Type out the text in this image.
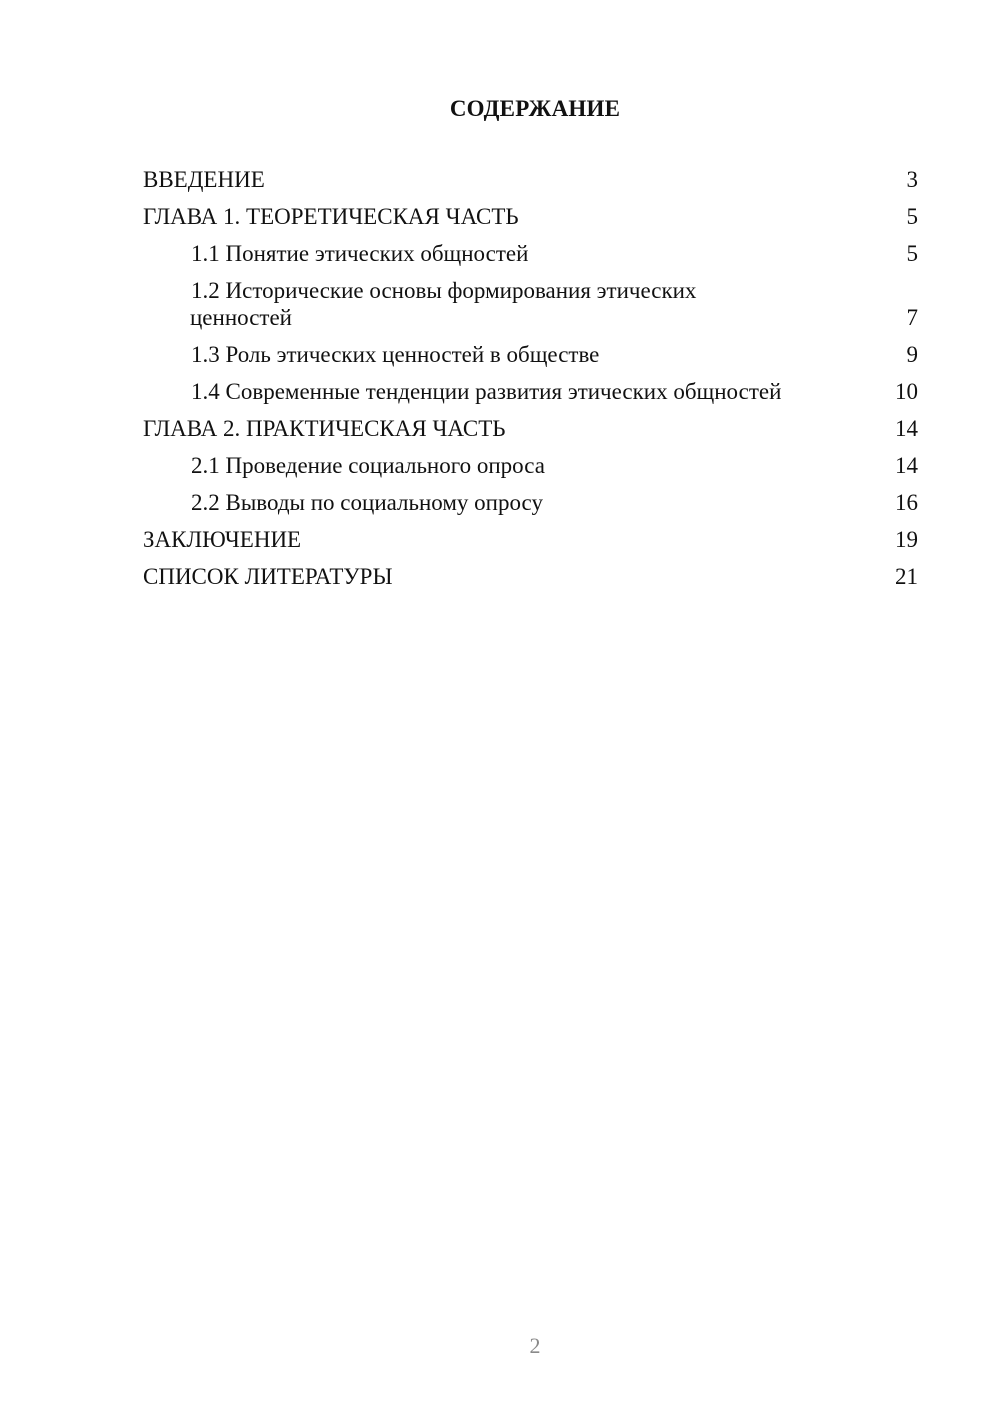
СОДЕРЖАНИЕ
ВВЕДЕНИЕ	3
ГЛАВА 1. ТЕОРЕТИЧЕСКАЯ ЧАСТЬ	5
1.1 Понятие этических общностей	5
1.2 Исторические основы формирования этических
ценностей	7
1.3 Роль этических ценностей в обществе	9
1.4 Современные тенденции развития этических общностей	10
ГЛАВА 2. ПРАКТИЧЕСКАЯ ЧАСТЬ	14
2.1 Проведение социального опроса	14
2.2 Выводы по социальному опросу	16
ЗАКЛЮЧЕНИЕ	19
СПИСОК ЛИТЕРАТУРЫ	21
2
